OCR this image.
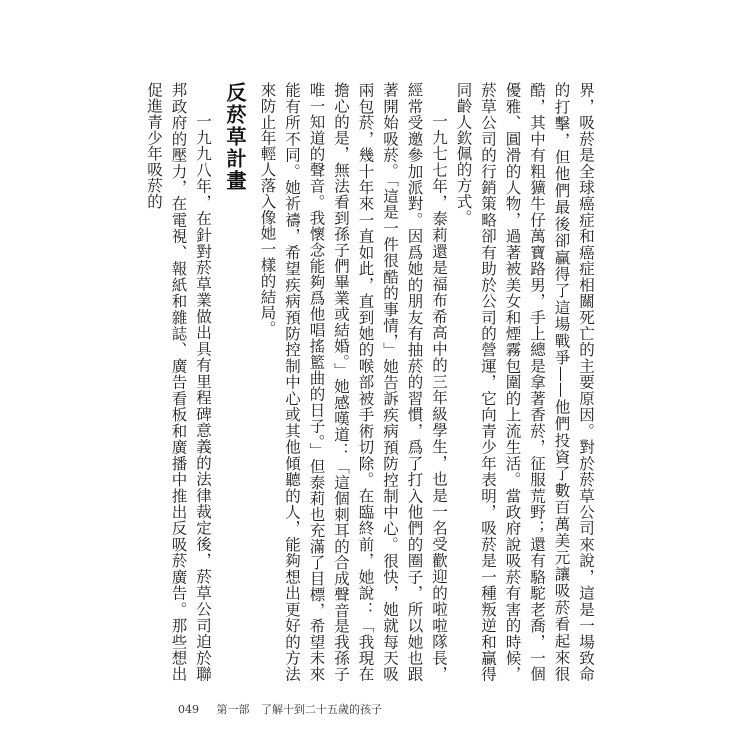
界，吸菸是全球癌症和癌症相關死亡的主要原因。對於菸草公司來說，這是一場致命的打擊，但他們最後卻贏得了這場戰爭——他們投資了數百萬美元讓吸菸看起來很酷，其中有粗獷牛仔萬寶路男，手上總是拿著香菸，征服荒野；還有駱駝老喬，一個優雅、圓滑的人物，過著被美女和煙霧包圍的上流生活。當政府說吸菸有害的時候，菸草公司的行銷策略卻有助於公司的營運，它向青少年表明，吸菸是一種叛逆和贏得同齡人欽佩的方式。

一九七七年，泰莉還是福布希高中的三年級學生，也是一名受歡迎的啦啦隊長，經常受邀參加派對。因爲她的朋友有抽菸的習慣，爲了打入他們的圈子，所以她也跟著開始吸菸。「這是一件很酷的事情，」她告訴疾病預防控制中心。很快，她就每天吸兩包菸，幾十年來一直如此，直到她的喉部被手術切除。在臨終前，她說：「我現在擔心的是，無法看到孫子們畢業或結婚。」她感嘆道：「這個刺耳的合成聲音是我孫子唯一知道的聲音。我懷念能夠爲他唱搖籃曲的日子。」但泰莉也充滿了目標，希望未來能有所不同。她祈禱，希望疾病預防控制中心或其他傾聽的人，能夠想出更好的方法來防止年輕人落入像她一樣的結局。

反菸草計畫

一九九八年，在針對菸草業做出具有里程碑意義的法律裁定後，菸草公司迫於聯邦政府的壓力，在電視、報紙和雜誌、廣告看板和廣播中推出反吸菸廣告。那些想出促進青少年吸菸的

049 第一部 了解十到二十五歲的孩子
